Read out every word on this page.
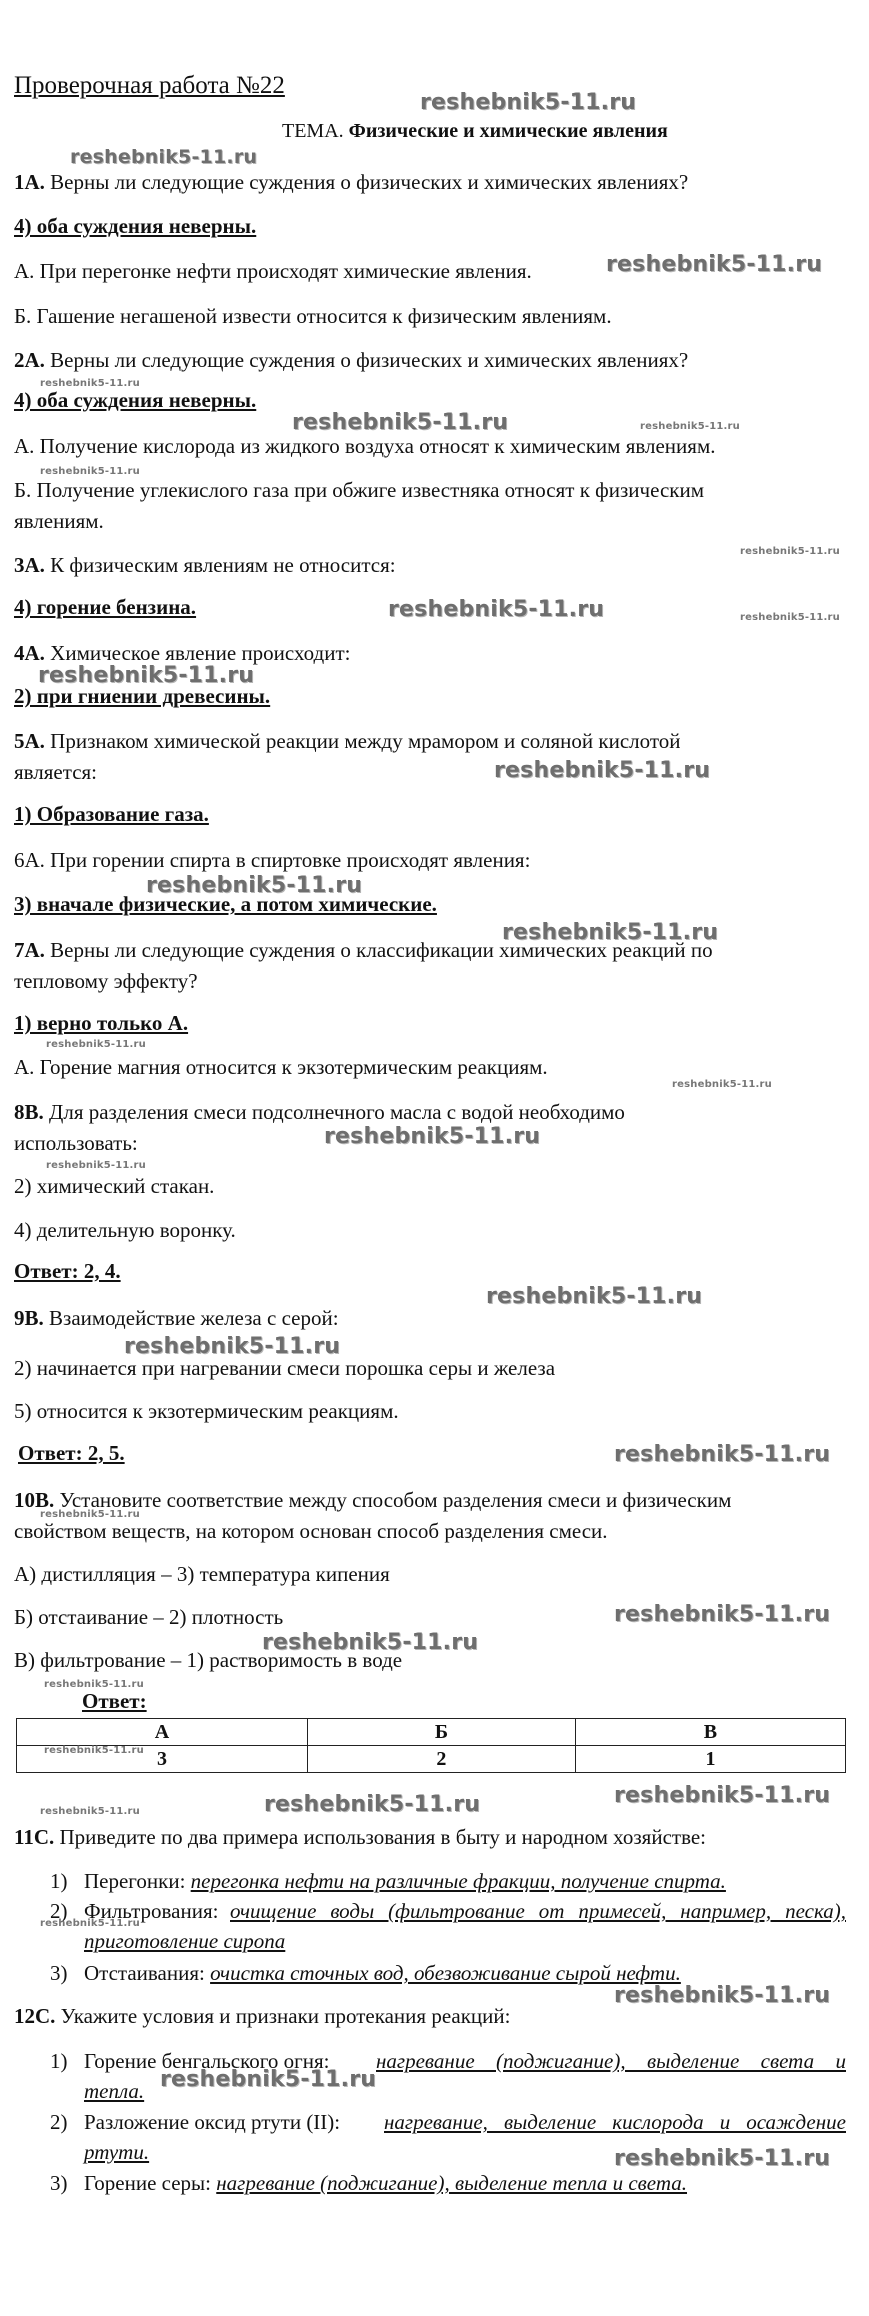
Проверочная работа №22
ТЕМА. Физические и химические явления
1А. Верны ли следующие суждения о физических и химических явлениях?
4) оба суждения неверны.
А. При перегонке нефти происходят химические явления.
Б. Гашение негашеной извести относится к физическим явлениям.
2А. Верны ли следующие суждения о физических и химических явлениях?
4) оба суждения неверны.
А. Получение кислорода из жидкого воздуха относят к химическим явлениям.
Б. Получение углекислого газа при обжиге известняка относят к физическим
явлениям.
3А. К физическим явлениям не относится:
4) горение бензина.
4А. Химическое явление происходит:
2) при гниении древесины.
5А. Признаком химической реакции между мрамором и соляной кислотой
является:
1) Образование газа.
6А. При горении спирта в спиртовке происходят явления:
3) вначале физические, а потом химические.
7А. Верны ли следующие суждения о классификации химических реакций по
тепловому эффекту?
1) верно только А.
А. Горение магния относится к экзотермическим реакциям.
8В. Для разделения смеси подсолнечного масла с водой необходимо
использовать:
2) химический стакан.
4) делительную воронку.
Ответ: 2, 4.
9В. Взаимодействие железа с серой:
2) начинается при нагревании смеси порошка серы и железа
5) относится к экзотермическим реакциям.
Ответ: 2, 5.
10В. Установите соответствие между способом разделения смеси и физическим
свойством веществ, на котором основан способ разделения смеси.
А) дистилляция – 3) температура кипения
Б) отстаивание – 2) плотность
В) фильтрование – 1) растворимость в воде
Ответ:
А	Б	В
3	2	1
11С. Приведите по два примера использования в быту и народном хозяйстве:
1) Перегонки: перегонка нефти на различные фракции, получение спирта.
2) Фильтрования: очищение воды (фильтрование от примесей, например, песка), приготовление сиропа
3) Отстаивания: очистка сточных вод, обезвоживание сырой нефти.
12С. Укажите условия и признаки протекания реакций:
1) Горение бенгальского огня:	нагревание (поджигание), выделение света и тепла.
2) Разложение оксид ртути (II):	нагревание, выделение кислорода и осаждение ртути.
3) Горение серы: нагревание (поджигание), выделение тепла и света.
reshebnik5-11.ru
reshebnik5-11.ru
reshebnik5-11.ru
reshebnik5-11.ru
reshebnik5-11.ru	reshebnik5-11.ru
reshebnik5-11.ru
reshebnik5-11.ru
reshebnik5-11.ru	reshebnik5-11.ru
reshebnik5-11.ru
reshebnik5-11.ru
reshebnik5-11.ru
reshebnik5-11.ru
reshebnik5-11.ru
reshebnik5-11.ru
reshebnik5-11.ru
reshebnik5-11.ru
reshebnik5-11.ru
reshebnik5-11.ru
reshebnik5-11.ru
reshebnik5-11.ru
reshebnik5-11.ru
reshebnik5-11.ru
reshebnik5-11.ru
reshebnik5-11.ru
reshebnik5-11.ru
reshebnik5-11.ru
reshebnik5-11.ru
reshebnik5-11.ru
reshebnik5-11.ru
reshebnik5-11.ru
reshebnik5-11.ru
